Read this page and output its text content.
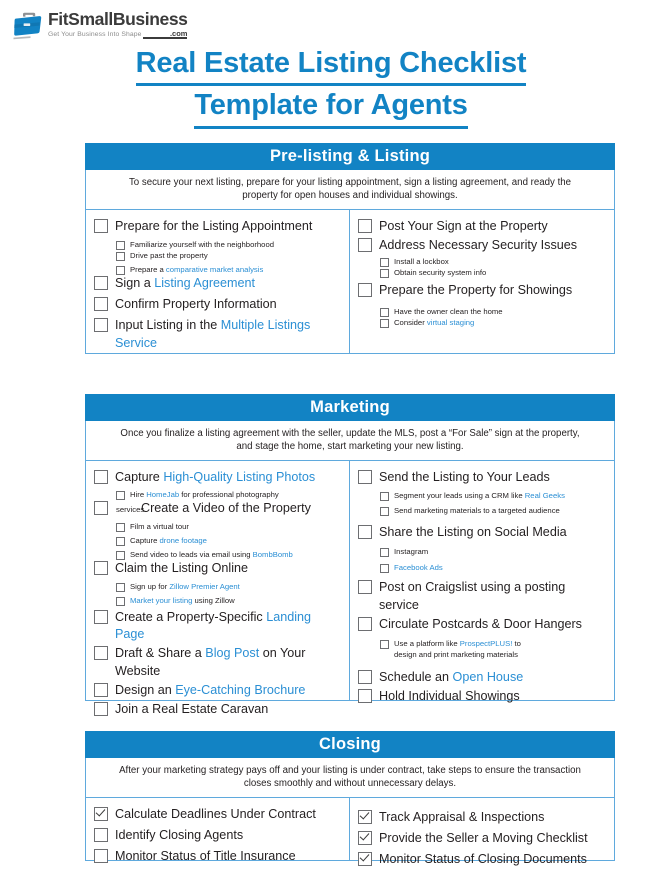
FitSmallBusiness
Get Your Business Into Shape	.com
Real Estate Listing Checklist
Template for Agents
Pre-listing & Listing
To secure your next listing, prepare for your listing appointment, sign a listing agreement, and ready the property for open houses and individual showings.
Prepare for the Listing Appointment
Familiarize yourself with the neighborhood
Drive past the property
Prepare a comparative market analysis
Sign a Listing Agreement
Confirm Property Information
Input Listing in the Multiple Listings Service
Post Your Sign at the Property
Address Necessary Security Issues
Install a lockbox
Obtain security system info
Prepare the Property for Showings
Have the owner clean the home
Consider virtual staging
Marketing
Once you finalize a listing agreement with the seller, update the MLS, post a “For Sale” sign at the property, and stage the home, start marketing your new listing.
Capture High-Quality Listing Photos
Hire HomeJab for professional photography
Create a Video of the Property
services
Film a virtual tour
Capture drone footage
Send video to leads via email using BombBomb
Claim the Listing Online
Sign up for Zillow Premier Agent
Market your listing using Zillow
Create a Property-Specific Landing Page
Draft & Share a Blog Post on Your Website
Design an Eye-Catching Brochure
Join a Real Estate Caravan
Send the Listing to Your Leads
Segment your leads using a CRM like Real Geeks
Send marketing materials to a targeted audience
Share the Listing on Social Media
Instagram
Facebook Ads
Post on Craigslist using a posting service
Circulate Postcards & Door Hangers
Use a platform like ProspectPLUS! to design and print marketing materials
Schedule an Open House
Hold Individual Showings
Closing
After your marketing strategy pays off and your listing is under contract, take steps to ensure the transaction closes smoothly and without unnecessary delays.
Calculate Deadlines Under Contract
Identify Closing Agents
Monitor Status of Title Insurance
Track Appraisal & Inspections
Provide the Seller a Moving Checklist
Monitor Status of Closing Documents
